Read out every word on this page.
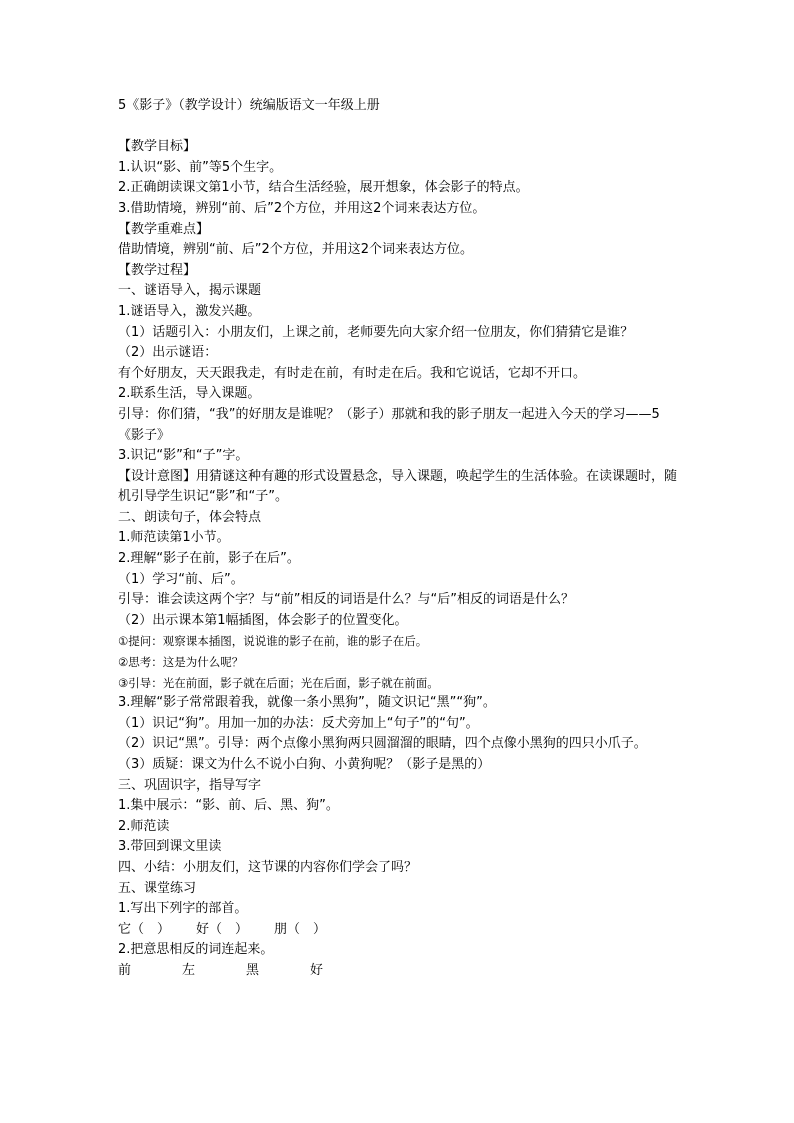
5《影子》（教学设计）统编版语文一年级上册
【教学目标】
1.认识“影、前”等5个生字。
2.正确朗读课文第1小节，结合生活经验，展开想象，体会影子的特点。
3.借助情境，辨别“前、后”2个方位，并用这2个词来表达方位。
【教学重难点】
借助情境，辨别“前、后”2个方位，并用这2个词来表达方位。
【教学过程】
一、谜语导入，揭示课题
1.谜语导入，激发兴趣。
（1）话题引入：小朋友们，上课之前，老师要先向大家介绍一位朋友，你们猜猜它是谁？
（2）出示谜语：
有个好朋友，天天跟我走，有时走在前，有时走在后。我和它说话，它却不开口。
2.联系生活，导入课题。
引导：你们猜，“我”的好朋友是谁呢？（影子）那就和我的影子朋友一起进入今天的学习——5《影子》
3.识记“影”和“子”字。
【设计意图】用猜谜这种有趣的形式设置悬念，导入课题，唤起学生的生活体验。在读课题时，随机引导学生识记“影”和“子”。
二、朗读句子，体会特点
1.师范读第1小节。
2.理解“影子在前，影子在后”。
（1）学习“前、后”。
引导：谁会读这两个字？与“前”相反的词语是什么？与“后”相反的词语是什么？
（2）出示课本第1幅插图，体会影子的位置变化。
①提问：观察课本插图，说说谁的影子在前，谁的影子在后。
②思考：这是为什么呢？
③引导：光在前面，影子就在后面；光在后面，影子就在前面。
3.理解“影子常常跟着我，就像一条小黑狗”，随文识记“黑”“狗”。
（1）识记“狗”。用加一加的办法：反犬旁加上“句子”的“句”。
（2）识记“黑”。引导：两个点像小黑狗两只圆溜溜的眼睛，四个点像小黑狗的四只小爪子。
（3）质疑：课文为什么不说小白狗、小黄狗呢？（影子是黑的）
三、巩固识字，指导写字
1.集中展示：“影、前、后、黑、狗”。
2.师范读
3.带回到课文里读
四、小结：小朋友们，这节课的内容你们学会了吗？
五、课堂练习
1.写出下列字的部首。
它（　） 好（　） 朋（　）
2.把意思相反的词连起来。
前	左	黑	好
